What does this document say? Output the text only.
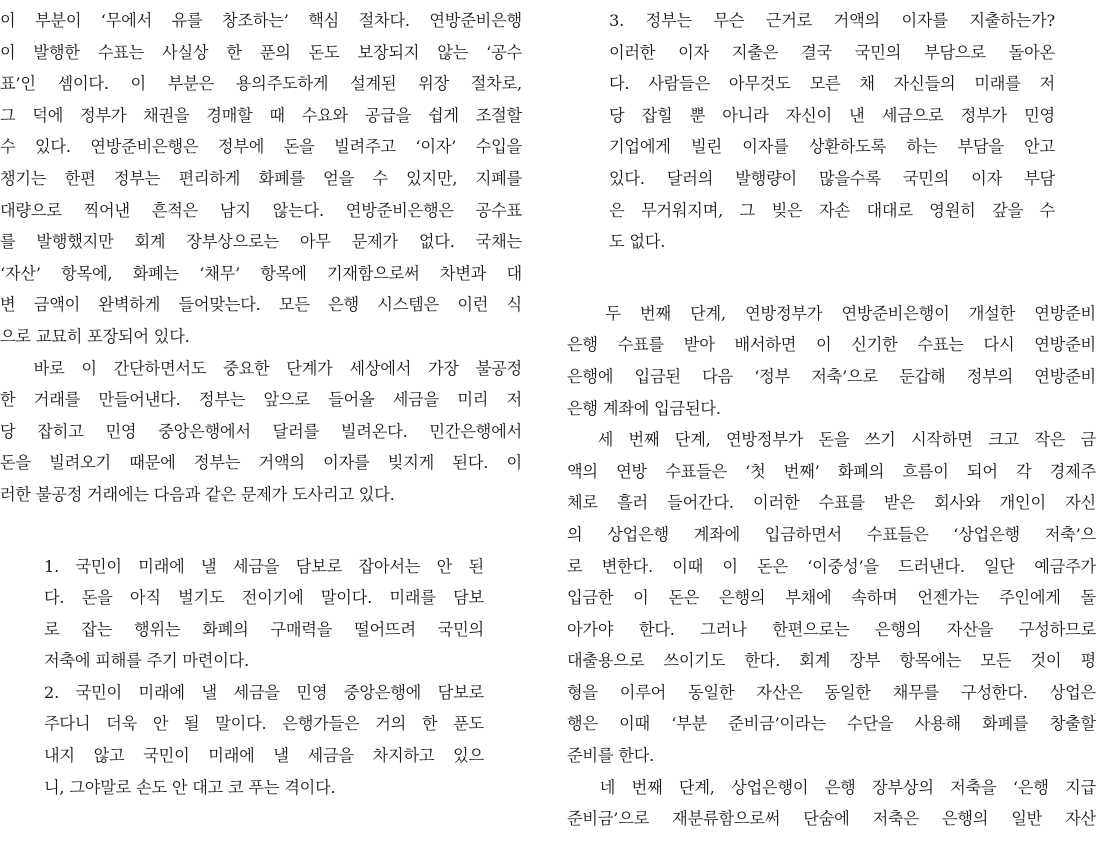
이 부분이 ‘무에서 유를 창조하는’ 핵심 절차다. 연방준비은행
이 발행한 수표는 사실상 한 푼의 돈도 보장되지 않는 ‘공수
표’인 셈이다. 이 부분은 용의주도하게 설계된 위장 절차로,
그 덕에 정부가 채권을 경매할 때 수요와 공급을 쉽게 조절할
수 있다. 연방준비은행은 정부에 돈을 빌려주고 ‘이자’ 수입을
챙기는 한편 정부는 편리하게 화폐를 얻을 수 있지만, 지폐를
대량으로 찍어낸 흔적은 남지 않는다. 연방준비은행은 공수표
를 발행했지만 회계 장부상으로는 아무 문제가 없다. 국채는
‘자산’ 항목에, 화폐는 ‘채무’ 항목에 기재함으로써 차변과 대
변 금액이 완벽하게 들어맞는다. 모든 은행 시스템은 이런 식
으로 교묘히 포장되어 있다.
바로 이 간단하면서도 중요한 단계가 세상에서 가장 불공정
한 거래를 만들어낸다. 정부는 앞으로 들어올 세금을 미리 저
당 잡히고 민영 중앙은행에서 달러를 빌려온다. 민간은행에서
돈을 빌려오기 때문에 정부는 거액의 이자를 빚지게 된다. 이
러한 불공정 거래에는 다음과 같은 문제가 도사리고 있다.
1. 국민이 미래에 낼 세금을 담보로 잡아서는 안 된
다. 돈을 아직 벌기도 전이기에 말이다. 미래를 담보
로 잡는 행위는 화폐의 구매력을 떨어뜨려 국민의
저축에 피해를 주기 마련이다.
2. 국민이 미래에 낼 세금을 민영 중앙은행에 담보로
주다니 더욱 안 될 말이다. 은행가들은 거의 한 푼도
내지 않고 국민이 미래에 낼 세금을 차지하고 있으
니, 그야말로 손도 안 대고 코 푸는 격이다.
3. 정부는 무슨 근거로 거액의 이자를 지출하는가?
이러한 이자 지출은 결국 국민의 부담으로 돌아온
다. 사람들은 아무것도 모른 채 자신들의 미래를 저
당 잡힐 뿐 아니라 자신이 낸 세금으로 정부가 민영
기업에게 빌린 이자를 상환하도록 하는 부담을 안고
있다. 달러의 발행량이 많을수록 국민의 이자 부담
은 무거워지며, 그 빚은 자손 대대로 영원히 갚을 수
도 없다.
두 번째 단계, 연방정부가 연방준비은행이 개설한 연방준비
은행 수표를 받아 배서하면 이 신기한 수표는 다시 연방준비
은행에 입금된 다음 ‘정부 저축’으로 둔갑해 정부의 연방준비
은행 계좌에 입금된다.
세 번째 단계, 연방정부가 돈을 쓰기 시작하면 크고 작은 금
액의 연방 수표들은 ‘첫 번째’ 화폐의 흐름이 되어 각 경제주
체로 흘러 들어간다. 이러한 수표를 받은 회사와 개인이 자신
의 상업은행 계좌에 입금하면서 수표들은 ‘상업은행 저축’으
로 변한다. 이때 이 돈은 ‘이중성’을 드러낸다. 일단 예금주가
입금한 이 돈은 은행의 부채에 속하며 언젠가는 주인에게 돌
아가야 한다. 그러나 한편으로는 은행의 자산을 구성하므로
대출용으로 쓰이기도 한다. 회계 장부 항목에는 모든 것이 평
형을 이루어 동일한 자산은 동일한 채무를 구성한다. 상업은
행은 이때 ‘부분 준비금’이라는 수단을 사용해 화폐를 창출할
준비를 한다.
네 번째 단계, 상업은행이 은행 장부상의 저축을 ‘은행 지급
준비금’으로 재분류함으로써 단숨에 저축은 은행의 일반 자산
